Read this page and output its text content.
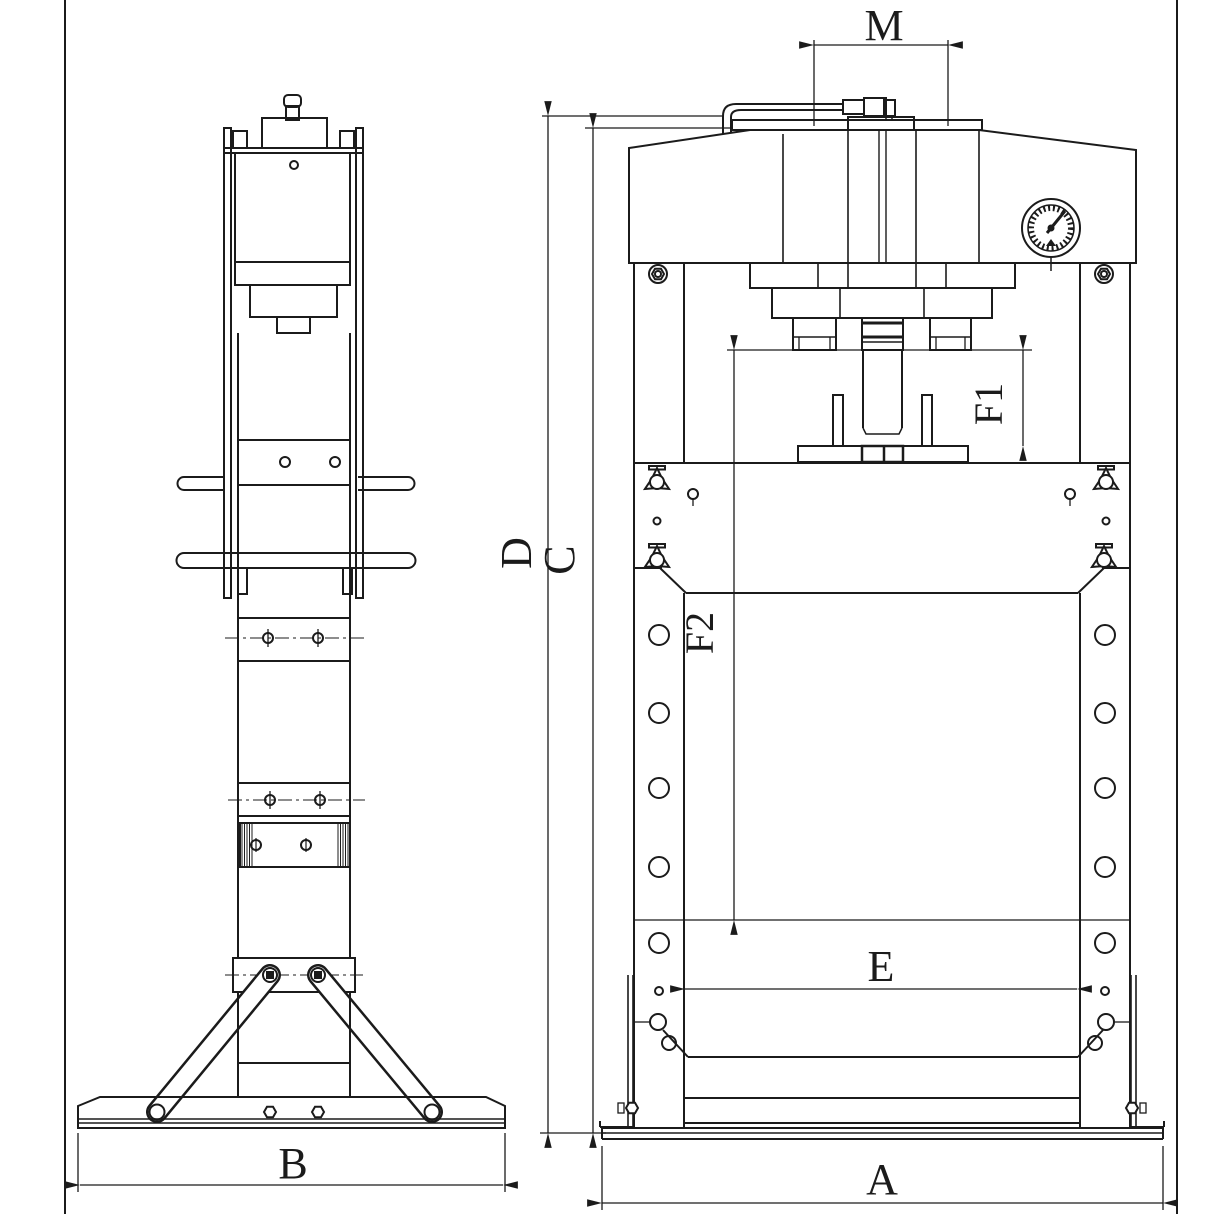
M
D
C
F1
F2
E
B	A
